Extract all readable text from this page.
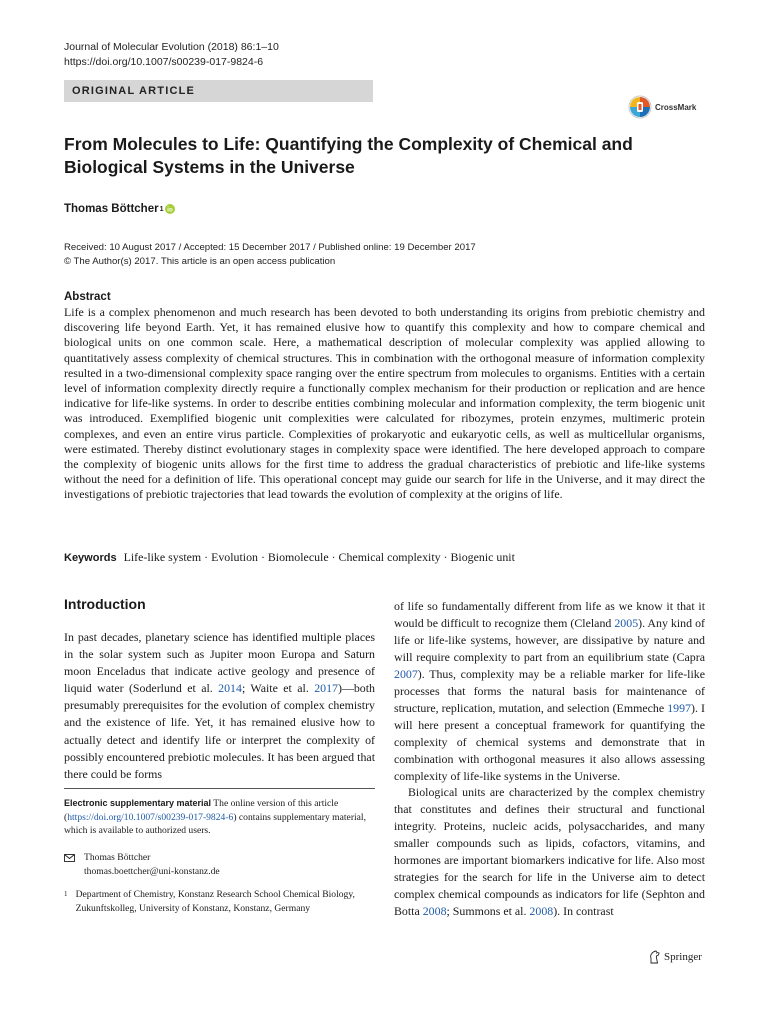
Journal of Molecular Evolution (2018) 86:1–10
https://doi.org/10.1007/s00239-017-9824-6
ORIGINAL ARTICLE
CrossMark
From Molecules to Life: Quantifying the Complexity of Chemical and Biological Systems in the Universe
Thomas Böttcher 1
Received: 10 August 2017 / Accepted: 15 December 2017 / Published online: 19 December 2017
© The Author(s) 2017. This article is an open access publication
Abstract

Life is a complex phenomenon and much research has been devoted to both understanding its origins from prebiotic chemistry and discovering life beyond Earth. Yet, it has remained elusive how to quantify this complexity and how to compare chemical and biological units on one common scale. Here, a mathematical description of molecular complexity was applied allowing to quantitatively assess complexity of chemical structures. This in combination with the orthogonal measure of information complexity resulted in a two-dimensional complexity space ranging over the entire spectrum from molecules to organisms. Entities with a certain level of information complexity directly require a functionally complex mechanism for their production or replication and are hence indicative for life-like systems. In order to describe entities combining molecular and information complexity, the term biogenic unit was introduced. Exemplified biogenic unit complexities were calculated for ribozymes, protein enzymes, multimeric protein complexes, and even an entire virus particle. Complexities of prokaryotic and eukaryotic cells, as well as multicellular organisms, were estimated. Thereby distinct evolutionary stages in complexity space were identified. The here developed approach to compare the complexity of biogenic units allows for the first time to address the gradual characteristics of prebiotic and life-like systems without the need for a definition of life. This operational concept may guide our search for life in the Universe, and it may direct the investigations of prebiotic trajectories that lead towards the evolution of complexity at the origins of life.

Keywords Life-like system · Evolution · Biomolecule · Chemical complexity · Biogenic unit
Introduction

In past decades, planetary science has identified multiple places in the solar system such as Jupiter moon Europa and Saturn moon Enceladus that indicate active geology and presence of liquid water (Soderlund et al. 2014; Waite et al. 2017)—both presumably prerequisites for the evolution of complex chemistry and the existence of life. Yet, it has remained elusive how to actually detect and identify life or interpret the complexity of possibly encountered prebiotic molecules. It has been argued that there could be forms

of life so fundamentally different from life as we know it that it would be difficult to recognize them (Cleland 2005). Any kind of life or life-like systems, however, are dissipative by nature and will require complexity to part from an equilibrium state (Capra 2007). Thus, complexity may be a reliable marker for life-like processes that forms the natural basis for maintenance of structure, replication, mutation, and selection (Emmeche 1997). I will here present a conceptual framework for quantifying the complexity of chemical systems and demonstrate that in combination with orthogonal measures it also allows assessing complexity of life-like systems in the Universe.

Biological units are characterized by the complex chemistry that constitutes and defines their structural and functional integrity. Proteins, nucleic acids, polysaccharides, and many smaller compounds such as lipids, cofactors, vitamins, and hormones are important biomarkers indicative for life. Also most strategies for the search for life in the Universe aim to detect complex chemical compounds as indicators for life (Sephton and Botta 2008; Summons et al. 2008). In contrast

Electronic supplementary material The online version of this article (https://doi.org/10.1007/s00239-017-9824-6) contains supplementary material, which is available to authorized users.

Thomas Böttcher
thomas.boettcher@uni-konstanz.de
1 Department of Chemistry, Konstanz Research School Chemical Biology, Zukunftskolleg, University of Konstanz, Konstanz, Germany
Springer
